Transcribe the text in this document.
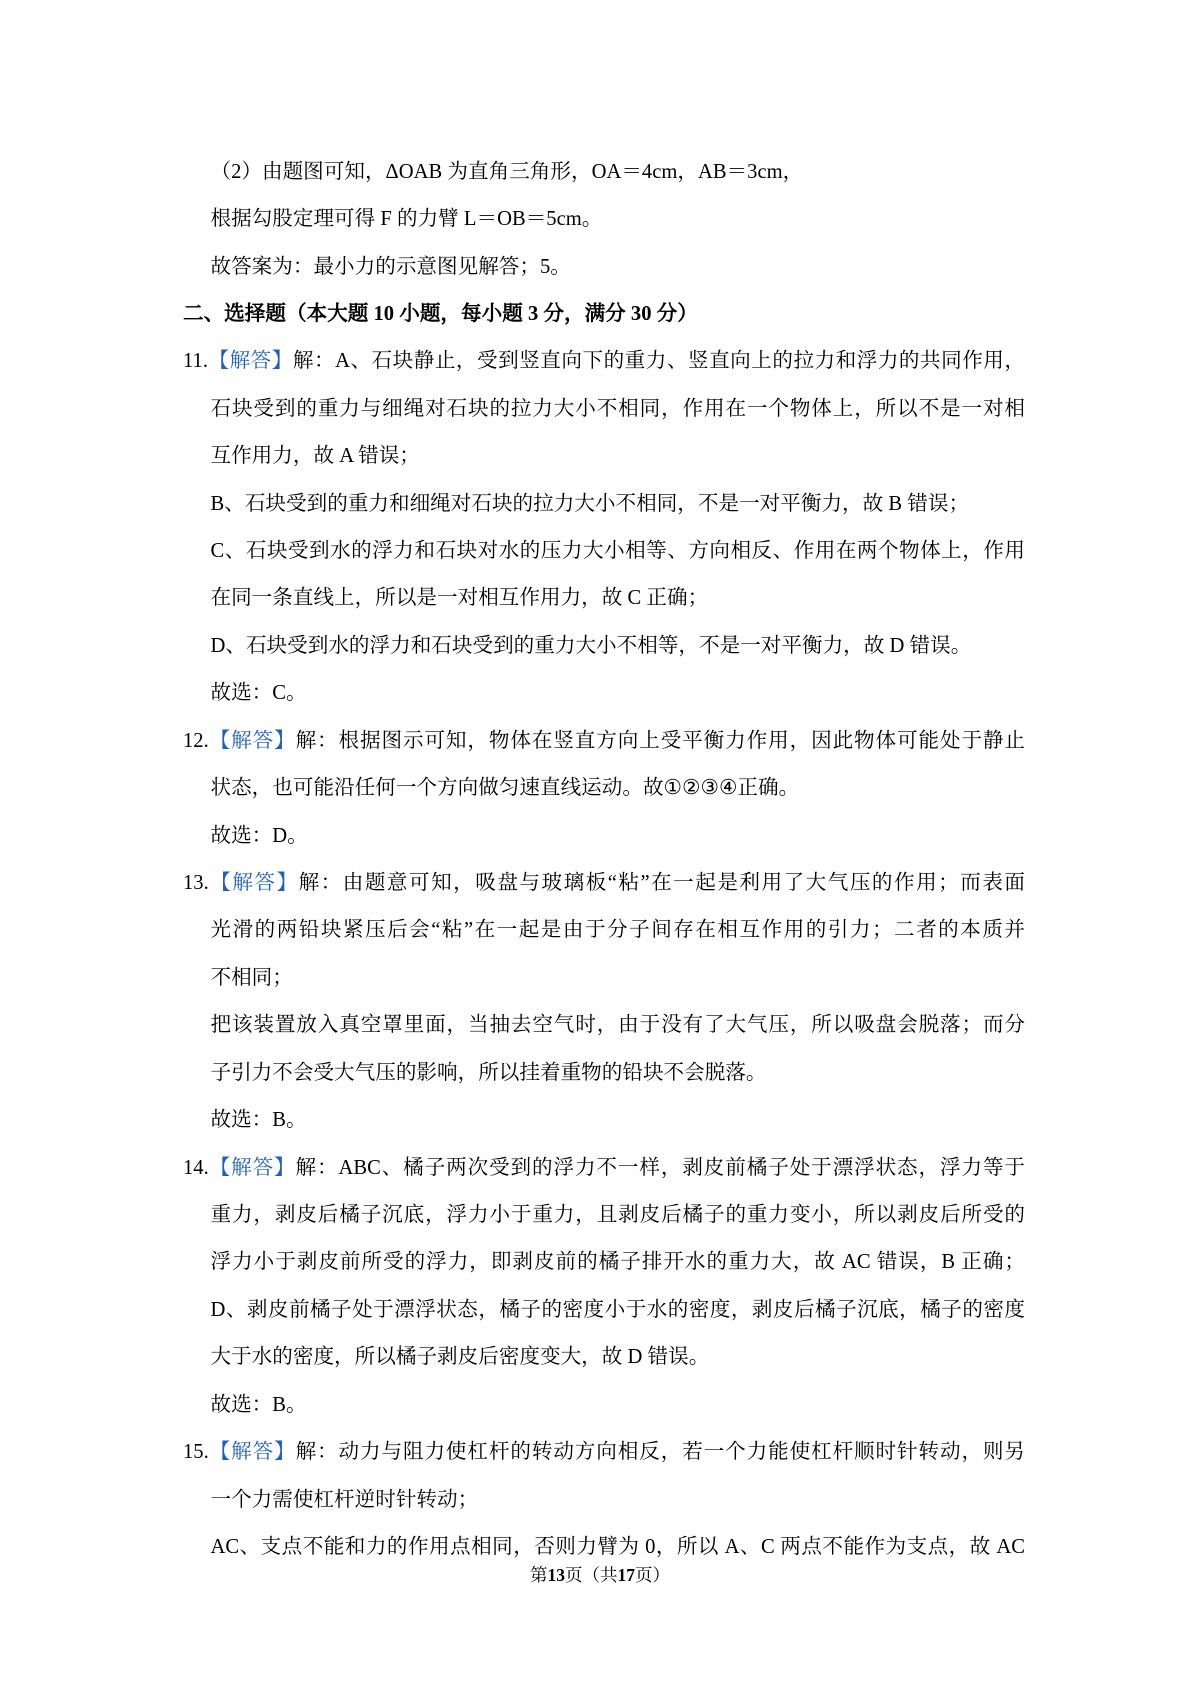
（2）由题图可知，ΔOAB 为直角三角形，OA＝4cm，AB＝3cm，
根据勾股定理可得 F 的力臂 L＝OB＝5cm。
故答案为：最小力的示意图见解答；5。
二、选择题（本大题 10 小题，每小题 3 分，满分 30 分）
11.【解答】解：A、石块静止，受到竖直向下的重力、竖直向上的拉力和浮力的共同作用，
石块受到的重力与细绳对石块的拉力大小不相同，作用在一个物体上，所以不是一对相
互作用力，故 A 错误；
B、石块受到的重力和细绳对石块的拉力大小不相同，不是一对平衡力，故 B 错误；
C、石块受到水的浮力和石块对水的压力大小相等、方向相反、作用在两个物体上，作用
在同一条直线上，所以是一对相互作用力，故 C 正确；
D、石块受到水的浮力和石块受到的重力大小不相等，不是一对平衡力，故 D 错误。
故选：C。
12.【解答】解：根据图示可知，物体在竖直方向上受平衡力作用，因此物体可能处于静止
状态，也可能沿任何一个方向做匀速直线运动。故①②③④正确。
故选：D。
13.【解答】解：由题意可知，吸盘与玻璃板“粘”在一起是利用了大气压的作用；而表面
光滑的两铅块紧压后会“粘”在一起是由于分子间存在相互作用的引力；二者的本质并
不相同；
把该装置放入真空罩里面，当抽去空气时，由于没有了大气压，所以吸盘会脱落；而分
子引力不会受大气压的影响，所以挂着重物的铅块不会脱落。
故选：B。
14.【解答】解：ABC、橘子两次受到的浮力不一样，剥皮前橘子处于漂浮状态，浮力等于
重力，剥皮后橘子沉底，浮力小于重力，且剥皮后橘子的重力变小，所以剥皮后所受的
浮力小于剥皮前所受的浮力，即剥皮前的橘子排开水的重力大，故 AC 错误，B 正确；
D、剥皮前橘子处于漂浮状态，橘子的密度小于水的密度，剥皮后橘子沉底，橘子的密度
大于水的密度，所以橘子剥皮后密度变大，故 D 错误。
故选：B。
15.【解答】解：动力与阻力使杠杆的转动方向相反，若一个力能使杠杆顺时针转动，则另
一个力需使杠杆逆时针转动；
AC、支点不能和力的作用点相同，否则力臂为 0，所以 A、C 两点不能作为支点，故 AC
第13页（共17页）
